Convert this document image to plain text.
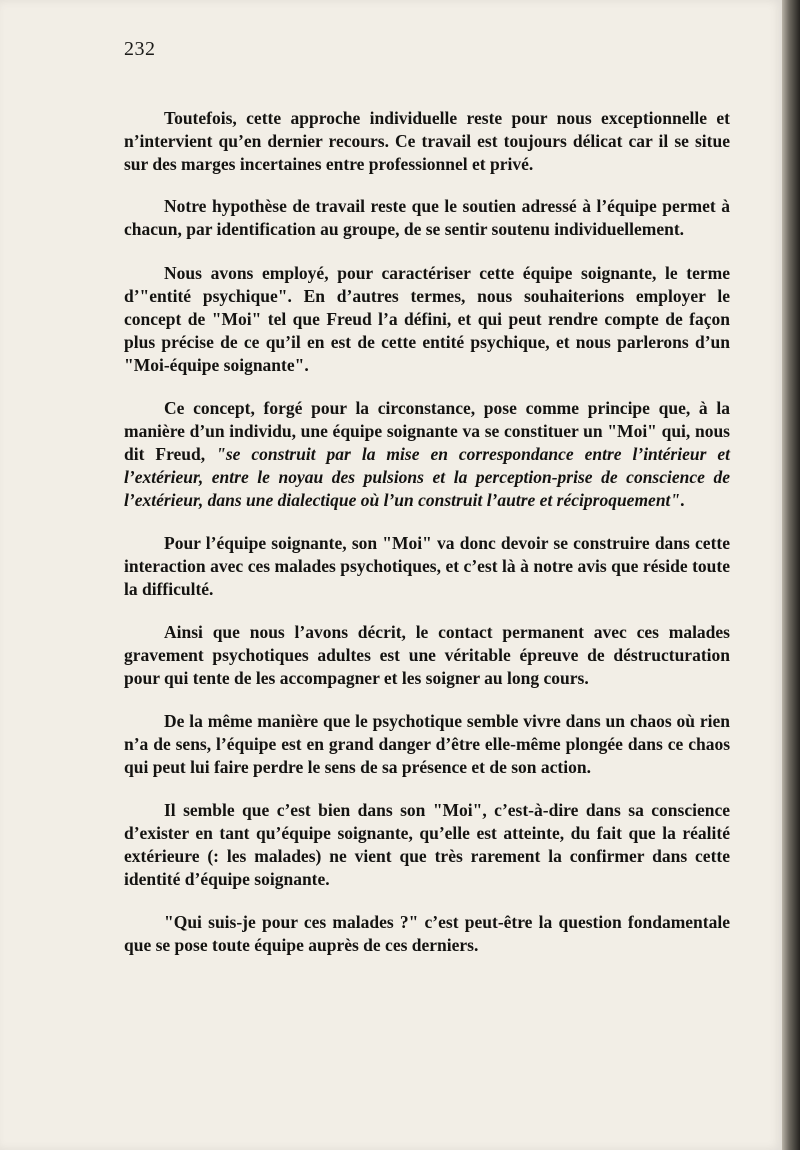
232

Toutefois, cette approche individuelle reste pour nous exceptionnelle et n’intervient qu’en dernier recours. Ce travail est toujours délicat car il se situe sur des marges incertaines entre professionnel et privé.

Notre hypothèse de travail reste que le soutien adressé à l’équipe permet à chacun, par identification au groupe, de se sentir soutenu individuellement.

Nous avons employé, pour caractériser cette équipe soignante, le terme d’"entité psychique". En d’autres termes, nous souhaiterions employer le concept de "Moi" tel que Freud l’a défini, et qui peut rendre compte de façon plus précise de ce qu’il en est de cette entité psychique, et nous parlerons d’un "Moi-équipe soignante".

Ce concept, forgé pour la circonstance, pose comme principe que, à la manière d’un individu, une équipe soignante va se constituer un "Moi" qui, nous dit Freud, "se construit par la mise en correspondance entre l’intérieur et l’extérieur, entre le noyau des pulsions et la perception-prise de conscience de l’extérieur, dans une dialectique où l’un construit l’autre et réciproquement".

Pour l’équipe soignante, son "Moi" va donc devoir se construire dans cette interaction avec ces malades psychotiques, et c’est là à notre avis que réside toute la difficulté.

Ainsi que nous l’avons décrit, le contact permanent avec ces malades gravement psychotiques adultes est une véritable épreuve de déstructuration pour qui tente de les accompagner et les soigner au long cours.

De la même manière que le psychotique semble vivre dans un chaos où rien n’a de sens, l’équipe est en grand danger d’être elle-même plongée dans ce chaos qui peut lui faire perdre le sens de sa présence et de son action.

Il semble que c’est bien dans son "Moi", c’est-à-dire dans sa conscience d’exister en tant qu’équipe soignante, qu’elle est atteinte, du fait que la réalité extérieure (: les malades) ne vient que très rarement la confirmer dans cette identité d’équipe soignante.

"Qui suis-je pour ces malades ?" c’est peut-être la question fondamentale que se pose toute équipe auprès de ces derniers.
